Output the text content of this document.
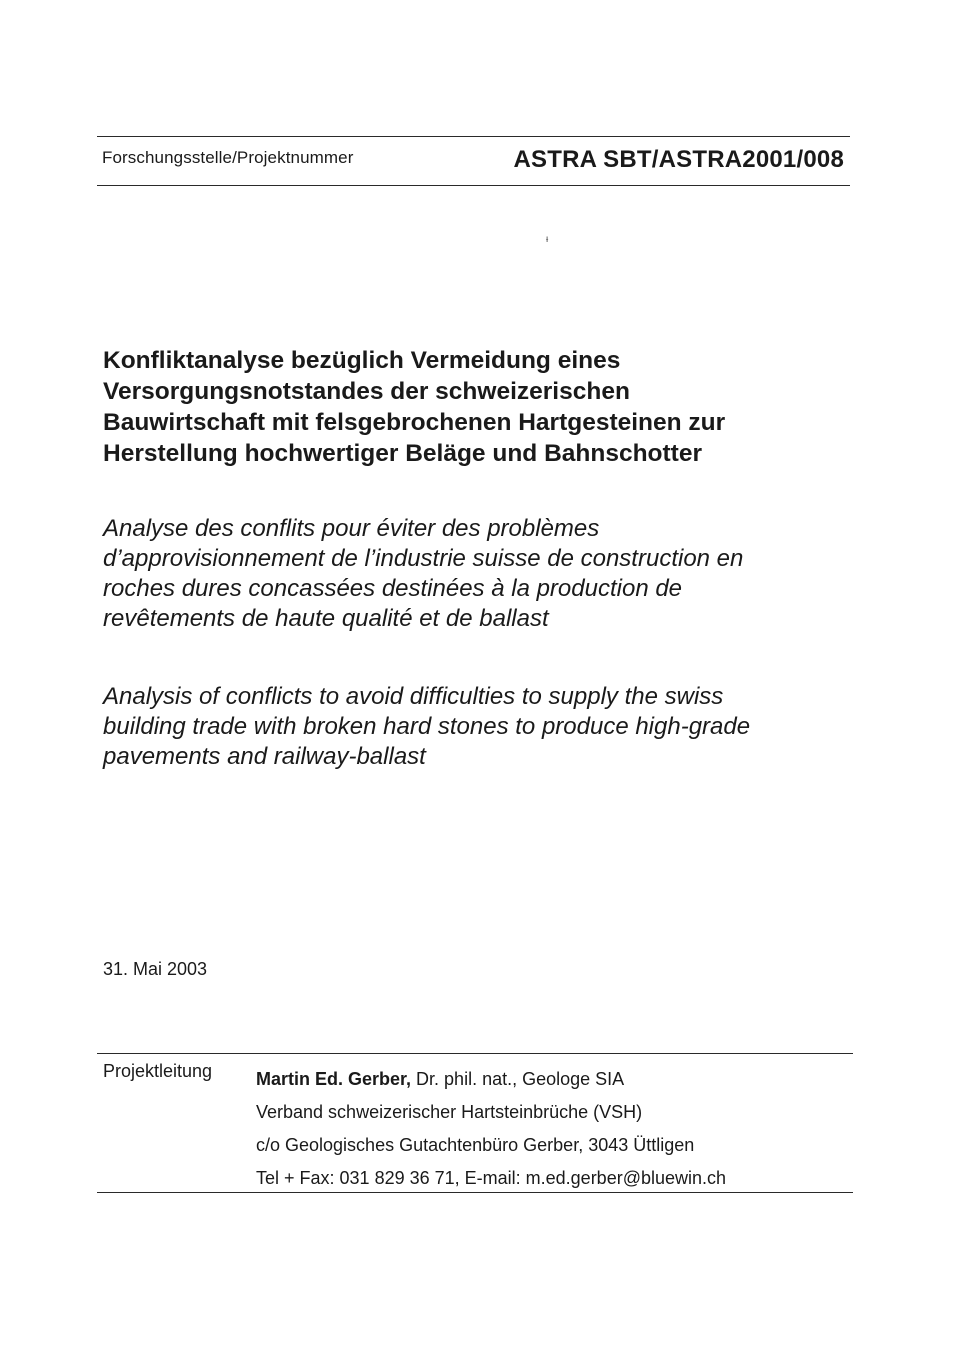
Forschungsstelle/Projektnummer	ASTRA SBT/ASTRA2001/008
ᵻ
Konfliktanalyse bezüglich Vermeidung eines
Versorgungsnotstandes der schweizerischen
Bauwirtschaft mit felsgebrochenen Hartgesteinen zur
Herstellung hochwertiger Beläge und Bahnschotter
Analyse des conflits pour éviter des problèmes
d’approvisionnement de l’industrie suisse de construction en
roches dures concassées destinées à la production de
revêtements de haute qualité et de ballast
Analysis of conflicts to avoid difficulties to supply the swiss
building trade with broken hard stones to produce high-grade
pavements and railway-ballast
31. Mai 2003
Projektleitung Martin Ed. Gerber, Dr. phil. nat., Geologe SIA
Verband schweizerischer Hartsteinbrüche (VSH)
c/o Geologisches Gutachtenbüro Gerber, 3043 Üttligen
Tel + Fax: 031 829 36 71, E-mail: m.ed.gerber@bluewin.ch
